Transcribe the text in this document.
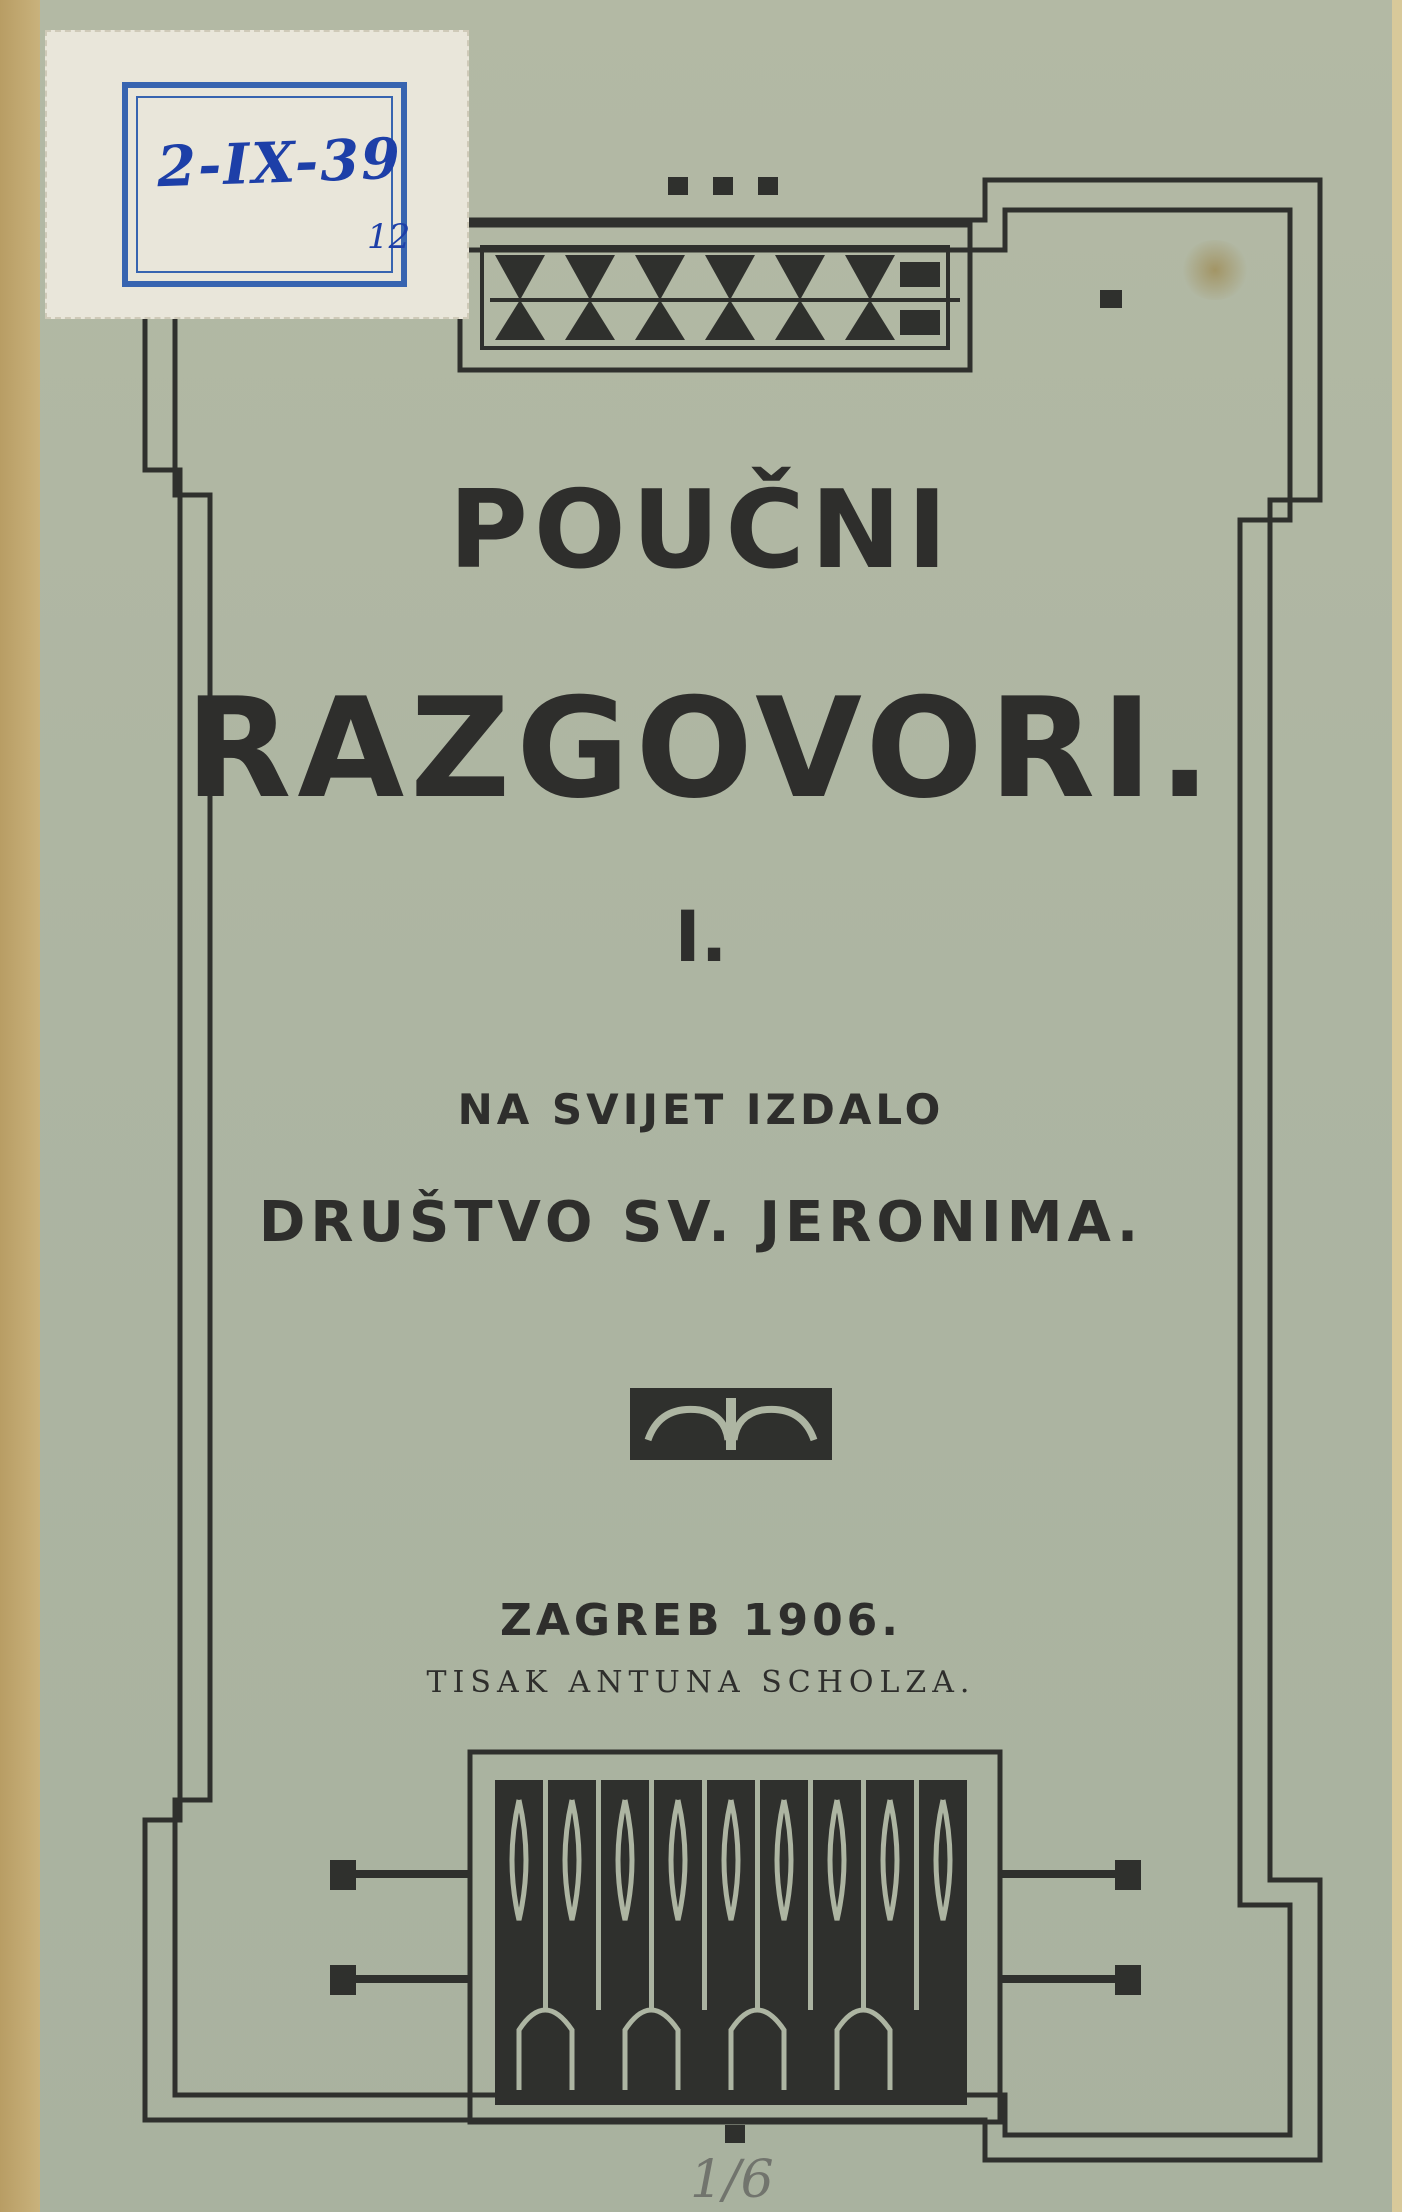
2-IX-39
12
POUČNI
RAZGOVORI.
I.
NA SVIJET IZDALO
DRUŠTVO SV. JERONIMA.
ZAGREB 1906.
TISAK ANTUNA SCHOLZA.
1/6
